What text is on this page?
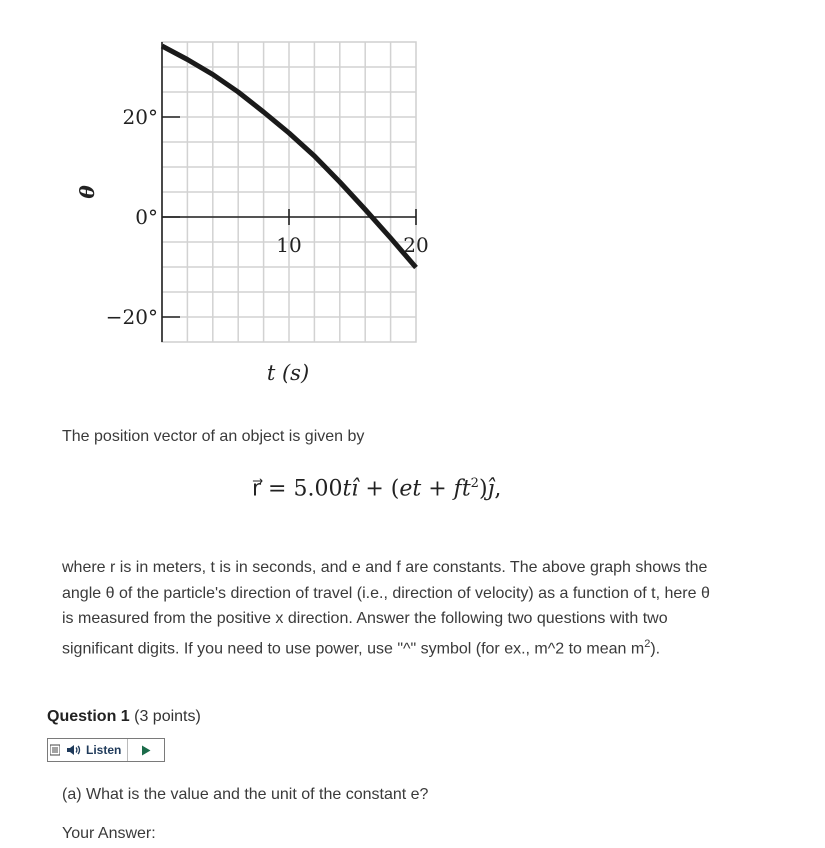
20°
0°
−20°
10	20
θ
t (s)
The position vector of an object is given by
r⃗ = 5.00tî + $(et + ft^2)ĵ$,
where r is in meters, t is in seconds, and e and f are constants. The above graph shows the angle θ of the particle's direction of travel (i.e., direction of velocity) as a function of t, here θ is measured from the positive x direction. Answer the following two questions with two significant digits. If you need to use power, use "^" symbol (for ex., m^2 to mean $m^2$).
Question 1 (3 points)
Listen
(a) What is the value and the unit of the constant e?
Your Answer:
